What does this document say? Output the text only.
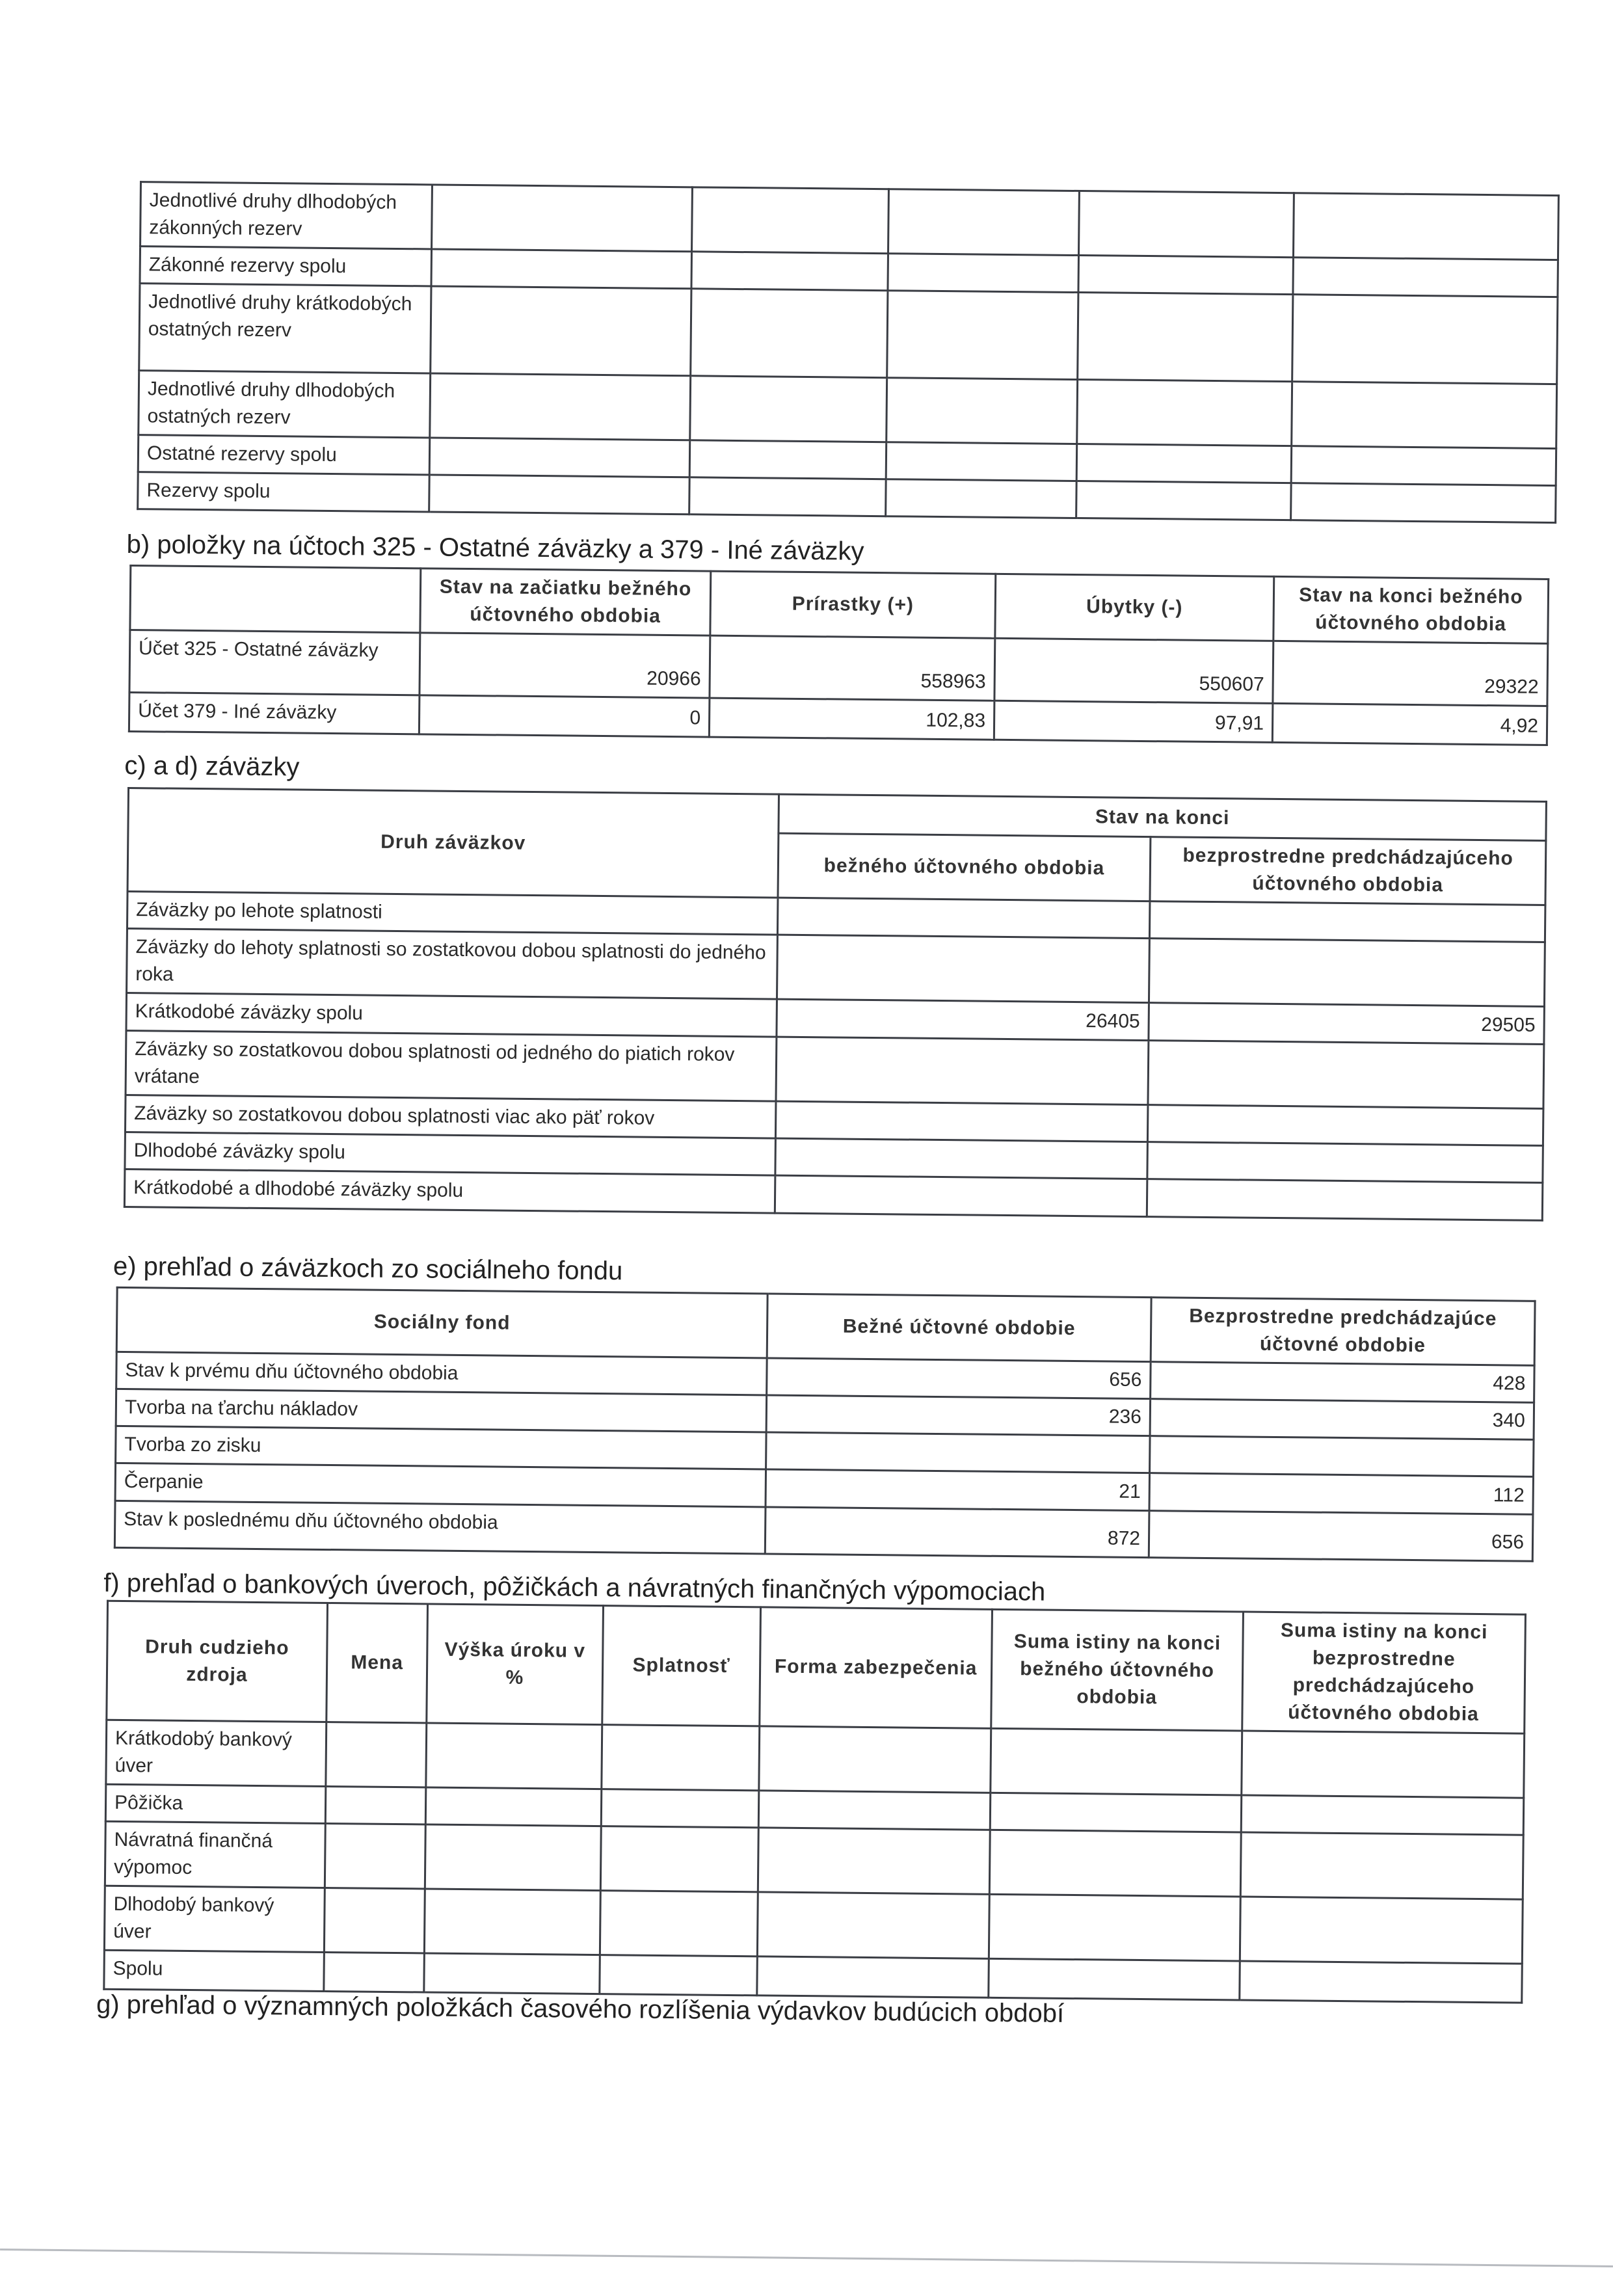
Jednotlivé druhy dlhodobých zákonných rezerv					
Zákonné rezervy spolu					
Jednotlivé druhy krátkodobých ostatných rezerv					
Jednotlivé druhy dlhodobých ostatných rezerv					
Ostatné rezervy spolu					
Rezervy spolu					
b) položky na účtoch 325 - Ostatné záväzky a 379 - Iné záväzky
	Stav na začiatku bežného účtovného obdobia	Prírastky (+)	Úbytky (-)	Stav na konci bežného účtovného obdobia
Účet 325 - Ostatné záväzky	20966	558963	550607	29322
Účet 379 - Iné záväzky	0	102,83	97,91	4,92
c) a d) záväzky
Druh záväzkov	Stav na konci	
	bežného účtovného obdobia	bezprostredne predchádzajúceho účtovného obdobia
Záväzky po lehote splatnosti		
Záväzky do lehoty splatnosti so zostatkovou dobou splatnosti do jedného roka		
Krátkodobé záväzky spolu	26405	29505
Záväzky so zostatkovou dobou splatnosti od jedného do piatich rokov vrátane		
Záväzky so zostatkovou dobou splatnosti viac ako päť rokov		
Dlhodobé záväzky spolu		
Krátkodobé a dlhodobé záväzky spolu		
e) prehľad o záväzkoch zo sociálneho fondu
Sociálny fond	Bežné účtovné obdobie	Bezprostredne predchádzajúce účtovné obdobie
Stav k prvému dňu účtovného obdobia	656	428
Tvorba na ťarchu nákladov	236	340
Tvorba zo zisku		
Čerpanie	21	112
Stav k poslednému dňu účtovného obdobia	872	656
f) prehľad o bankových úveroch, pôžičkách a návratných finančných výpomociach
Druh cudzieho zdroja	Mena	Výška úroku v %	Splatnosť	Forma zabezpečenia	Suma istiny na konci bežného účtovného obdobia	Suma istiny na konci bezprostredne predchádzajúceho účtovného obdobia
Krátkodobý bankový úver						
Pôžička						
Návratná finančná výpomoc						
Dlhodobý bankový úver						
Spolu						
g) prehľad o významných položkách časového rozlíšenia výdavkov budúcich období
